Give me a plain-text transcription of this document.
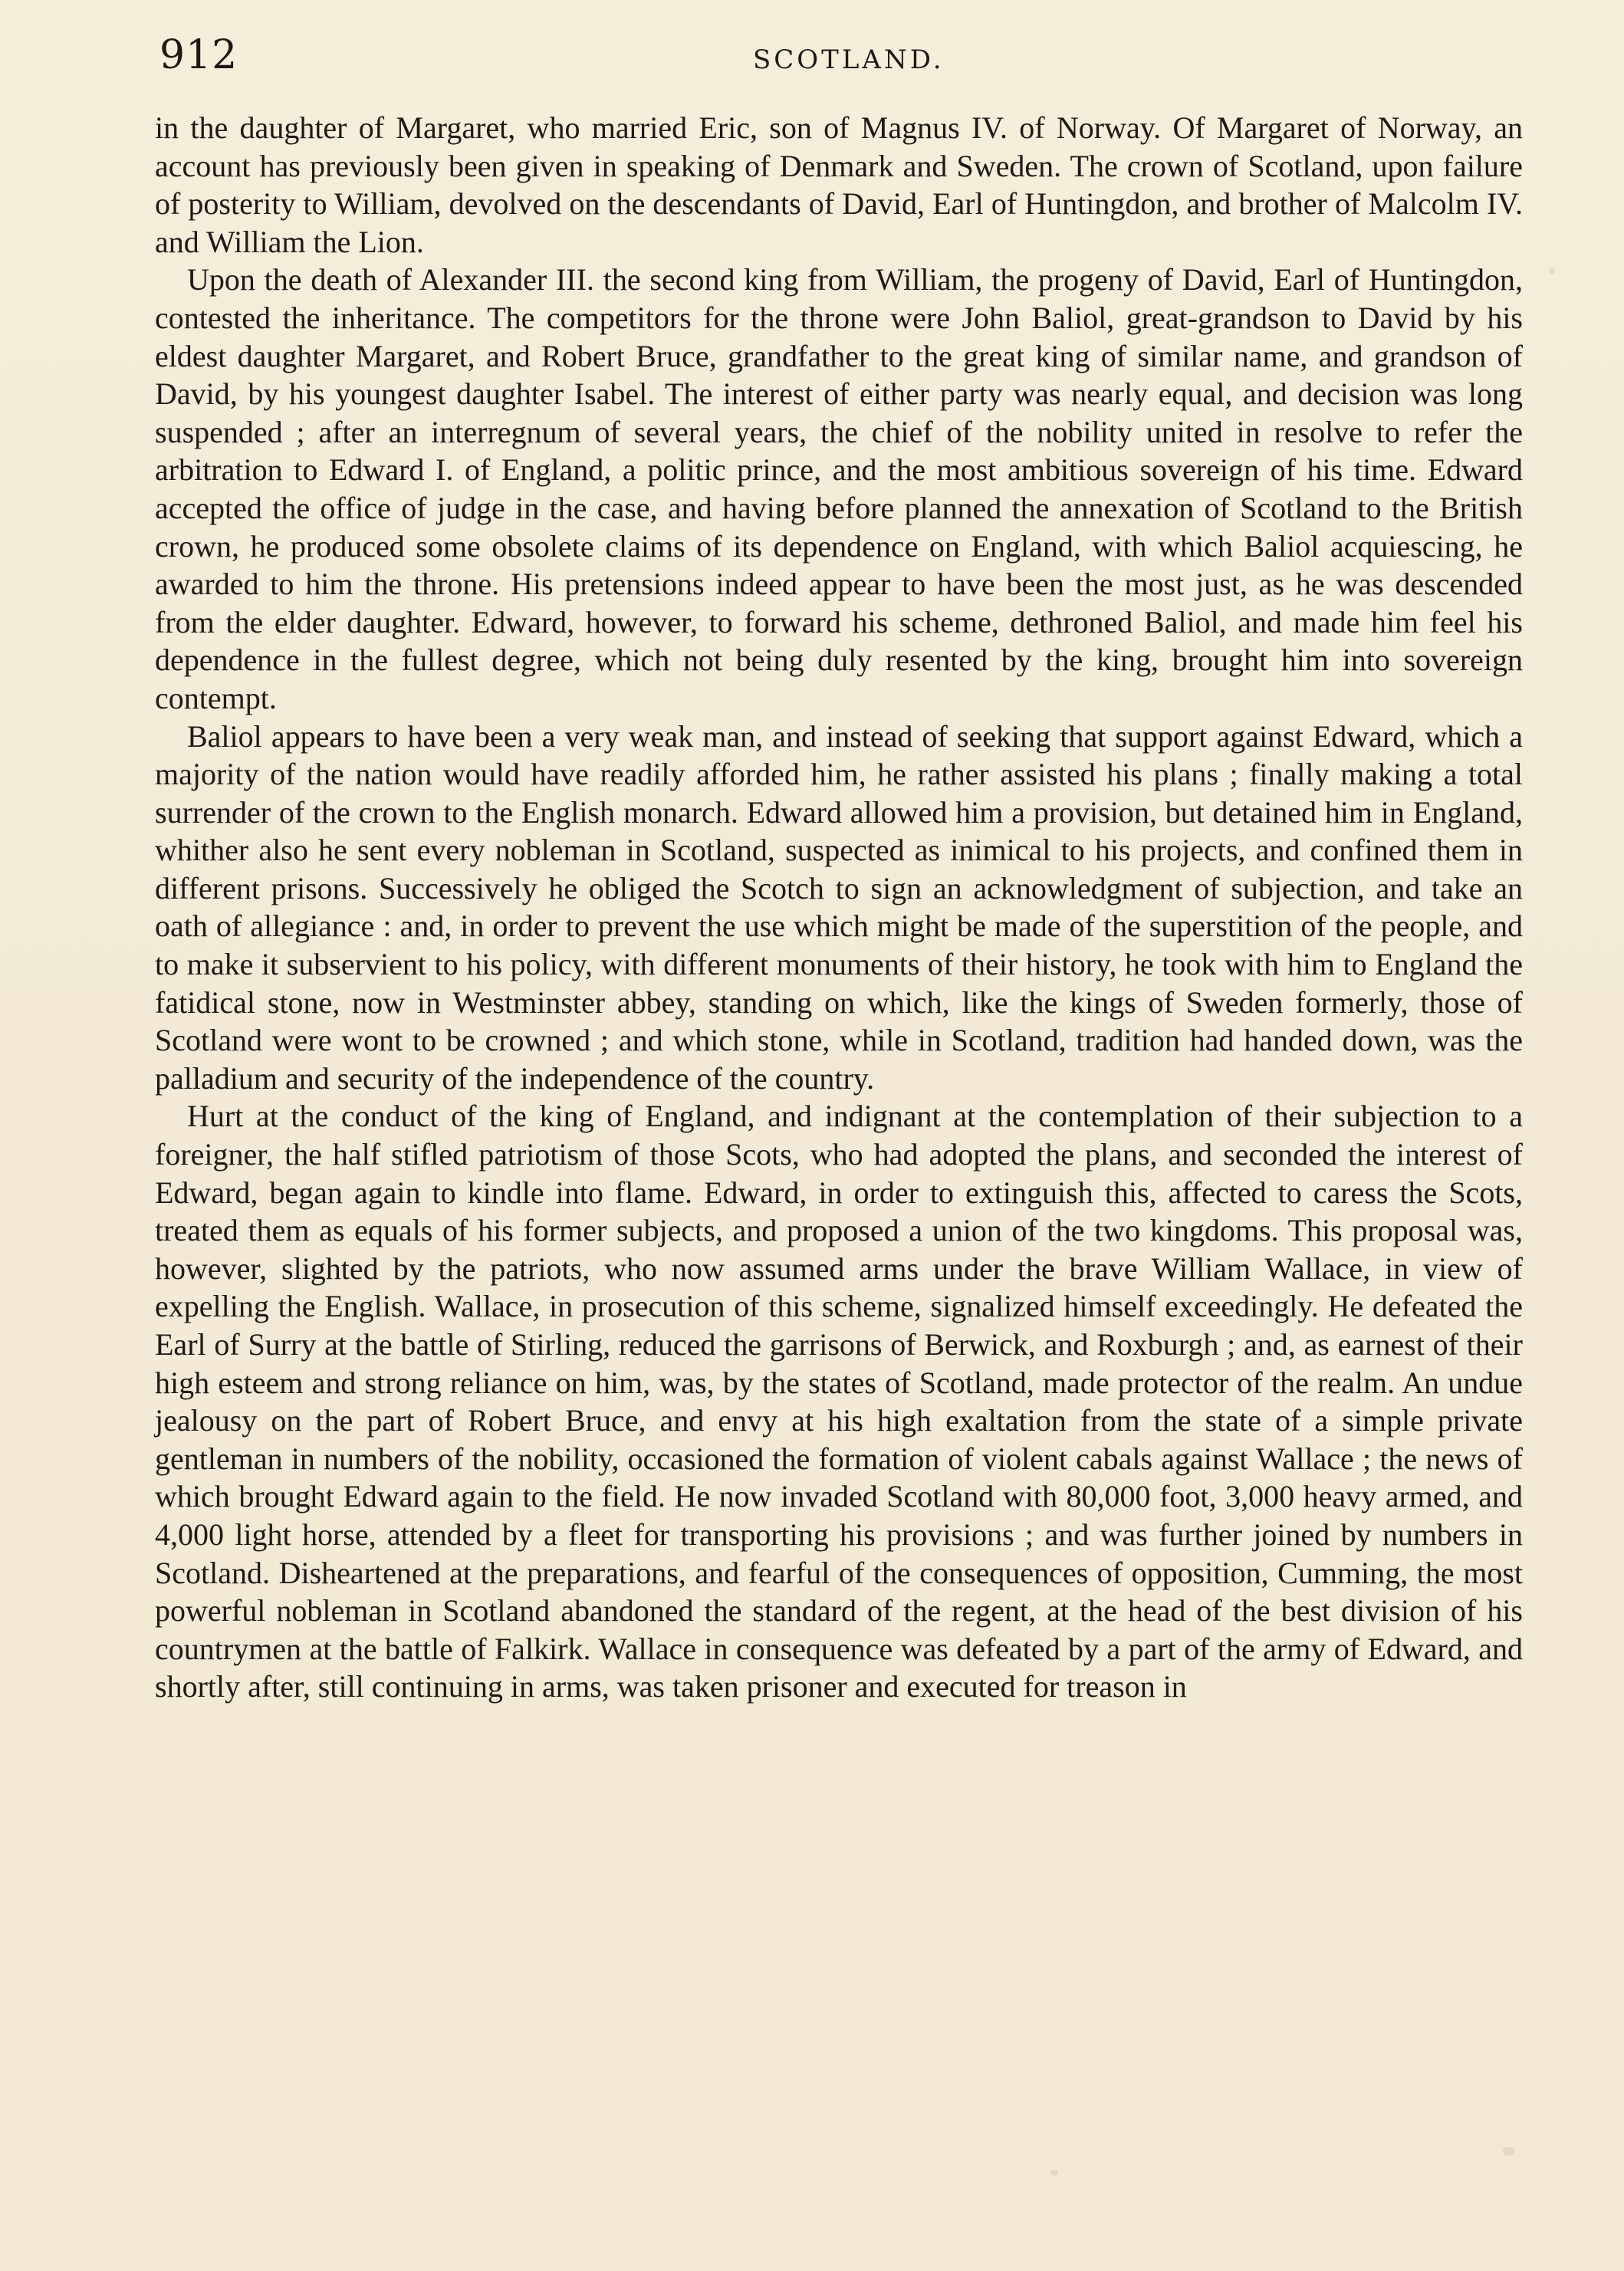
912	SCOTLAND.

in the daughter of Margaret, who married Eric, son of Magnus IV. of Norway. Of Margaret of Norway, an account has previously been given in speaking of Denmark and Sweden. The crown of Scotland, upon failure of posterity to William, devolved on the descendants of David, Earl of Huntingdon, and brother of Malcolm IV. and William the Lion.

Upon the death of Alexander III. the second king from William, the progeny of David, Earl of Huntingdon, contested the inheritance. The competitors for the throne were John Baliol, great-grandson to David by his eldest daughter Margaret, and Robert Bruce, grandfather to the great king of similar name, and grandson of David, by his youngest daughter Isabel. The interest of either party was nearly equal, and decision was long suspended ; after an interregnum of several years, the chief of the nobility united in resolve to refer the arbitration to Edward I. of England, a politic prince, and the most ambitious sovereign of his time. Edward accepted the office of judge in the case, and having before planned the annexation of Scotland to the British crown, he produced some obsolete claims of its dependence on England, with which Baliol acquiescing, he awarded to him the throne. His pretensions indeed appear to have been the most just, as he was descended from the elder daughter. Edward, however, to forward his scheme, dethroned Baliol, and made him feel his dependence in the fullest degree, which not being duly resented by the king, brought him into sovereign contempt.

Baliol appears to have been a very weak man, and instead of seeking that support against Edward, which a majority of the nation would have readily afforded him, he rather assisted his plans ; finally making a total surrender of the crown to the English monarch. Edward allowed him a provision, but detained him in England, whither also he sent every nobleman in Scotland, suspected as inimical to his projects, and confined them in different prisons. Successively he obliged the Scotch to sign an acknowledgment of subjection, and take an oath of allegiance : and, in order to prevent the use which might be made of the superstition of the people, and to make it subservient to his policy, with different monuments of their history, he took with him to England the fatidical stone, now in Westminster abbey, standing on which, like the kings of Sweden formerly, those of Scotland were wont to be crowned ; and which stone, while in Scotland, tradition had handed down, was the palladium and security of the independence of the country.

Hurt at the conduct of the king of England, and indignant at the contemplation of their subjection to a foreigner, the half stifled patriotism of those Scots, who had adopted the plans, and seconded the interest of Edward, began again to kindle into flame. Edward, in order to extinguish this, affected to caress the Scots, treated them as equals of his former subjects, and proposed a union of the two kingdoms. This proposal was, however, slighted by the patriots, who now assumed arms under the brave William Wallace, in view of expelling the English. Wallace, in prosecution of this scheme, signalized himself exceedingly. He defeated the Earl of Surry at the battle of Stirling, reduced the garrisons of Berwick, and Roxburgh ; and, as earnest of their high esteem and strong reliance on him, was, by the states of Scotland, made protector of the realm. An undue jealousy on the part of Robert Bruce, and envy at his high exaltation from the state of a simple private gentleman in numbers of the nobility, occasioned the formation of violent cabals against Wallace ; the news of which brought Edward again to the field. He now invaded Scotland with 80,000 foot, 3,000 heavy armed, and 4,000 light horse, attended by a fleet for transporting his provisions ; and was further joined by numbers in Scotland. Disheartened at the preparations, and fearful of the consequences of opposition, Cumming, the most powerful nobleman in Scotland abandoned the standard of the regent, at the head of the best division of his countrymen at the battle of Falkirk. Wallace in consequence was defeated by a part of the army of Edward, and shortly after, still continuing in arms, was taken prisoner and executed for treason in
